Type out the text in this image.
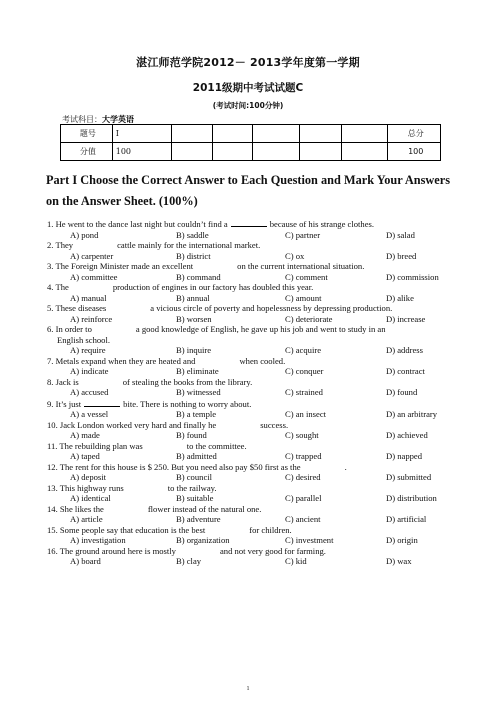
湛江师范学院2012－ 2013学年度第一学期
2011级期中考试试题C
(考试时间:100分钟)
考试科目：大学英语
题号	I						总分
分值	100						100
Part I Choose the Correct Answer to Each Question and Mark Your Answers on the Answer Sheet. (100%)
1. He went to the dance last night but couldn’t find a	because of his strange clothes.
A) pond	B) saddle	C) partner	D) salad
2. They	cattle mainly for the international market.
A) carpenter	B) district	C) ox	D) breed
3. The Foreign Minister made an excellent	on the current international situation.
A) committee	B) command	C) comment	D) commission
4. The	production of engines in our factory has doubled this year.
A) manual	B) annual	C) amount	D) alike
5. These diseases	a vicious circle of poverty and hopelessness by depressing production.
A) reinforce	B) worsen	C) deteriorate	D) increase
6. In order to	a good knowledge of English, he gave up his job and went to study in an
English school.
A) require	B) inquire	C) acquire	D) address
7. Metals expand when they are heated and	when cooled.
A) indicate	B) eliminate	C) conquer	D) contract
8. Jack is	of stealing the books from the library.
A) accused	B) witnessed	C) strained	D) found
9. It’s just	bite. There is nothing to worry about.
A) a vessel	B) a temple	C) an insect	D) an arbitrary
10. Jack London worked very hard and finally he	success.
A) made	B) found	C) sought	D) achieved
11. The rebuilding plan was	to the committee.
A) taped	B) admitted	C) trapped	D) napped
12. The rent for this house is $ 250. But you need also pay $50 first as the	.
A) deposit	B) council	C) desired	D) submitted
13. This highway runs	to the railway.
A) identical	B) suitable	C) parallel	D) distribution
14. She likes the	flower instead of the natural one.
A) article	B) adventure	C) ancient	D) artificial
15. Some people say that education is the best	for children.
A) investigation	B) organization	C) investment	D) origin
16. The ground around here is mostly	and not very good for farming.
A) board	B) clay	C) kid	D) wax
1
